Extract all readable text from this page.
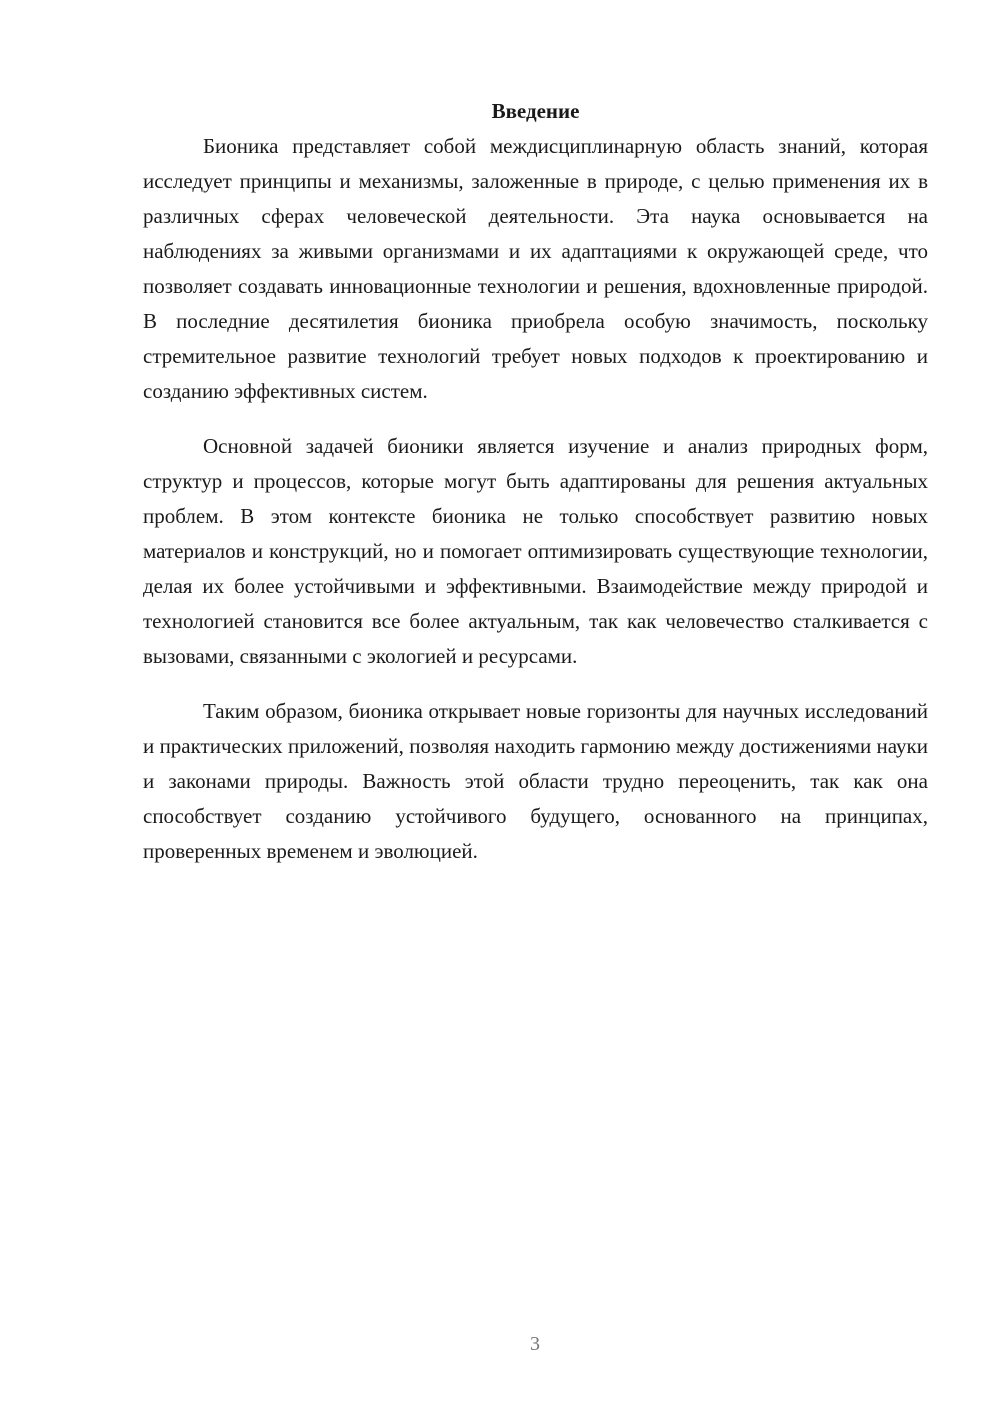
Введение

Бионика представляет собой междисциплинарную область знаний, которая исследует принципы и механизмы, заложенные в природе, с целью применения их в различных сферах человеческой деятельности. Эта наука основывается на наблюдениях за живыми организмами и их адаптациями к окружающей среде, что позволяет создавать инновационные технологии и решения, вдохновленные природой. В последние десятилетия бионика приобрела особую значимость, поскольку стремительное развитие технологий требует новых подходов к проектированию и созданию эффективных систем.

Основной задачей бионики является изучение и анализ природных форм, структур и процессов, которые могут быть адаптированы для решения актуальных проблем. В этом контексте бионика не только способствует развитию новых материалов и конструкций, но и помогает оптимизировать существующие технологии, делая их более устойчивыми и эффективными. Взаимодействие между природой и технологией становится все более актуальным, так как человечество сталкивается с вызовами, связанными с экологией и ресурсами.

Таким образом, бионика открывает новые горизонты для научных исследований и практических приложений, позволяя находить гармонию между достижениями науки и законами природы. Важность этой области трудно переоценить, так как она способствует созданию устойчивого будущего, основанного на принципах, проверенных временем и эволюцией.

3
